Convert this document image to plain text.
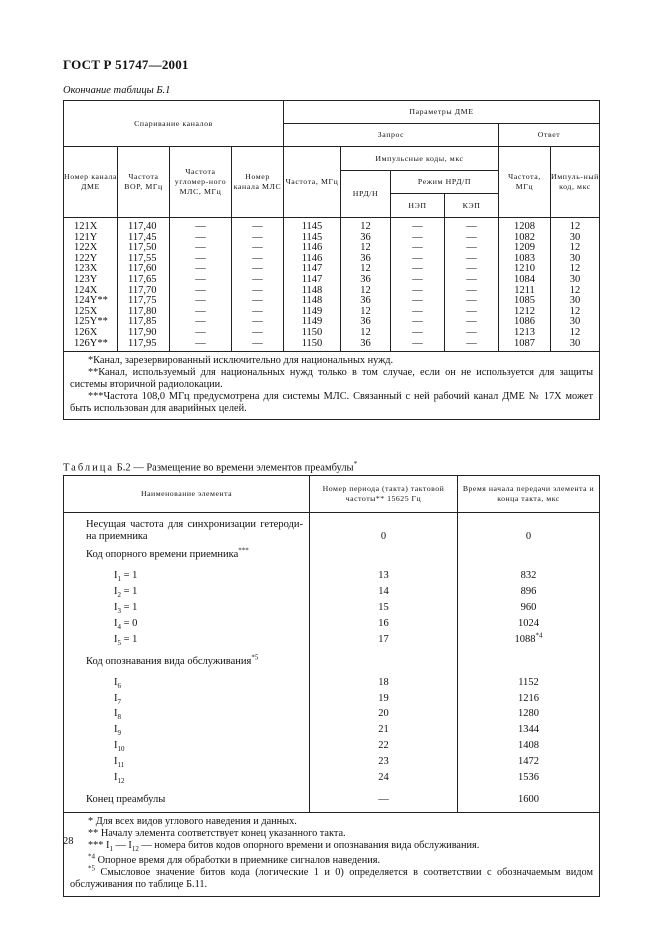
ГОСТ Р 51747—2001
Окончание таблицы Б.1
Спаривание каналов				Параметры ДМЕ					
				Запрос				Ответ	
Номер канала ДМЕ	Частота ВОР, МГц	Частота угломер-ного МЛС, МГц	Номер канала МЛС	Частота, МГц	Импульсные коды, мкс			Частота, МГц	Импуль-ный код, мкс
					НРД/Н	Режим НРД/П
НЭП КЭП			

121X	117,40	—	—	1145	12	—	—	1208	12
121Y	117,45	—	—	1145	36	—	—	1082	30
122X	117,50	—	—	1146	12	—	—	1209	12
122Y	117,55	—	—	1146	36	—	—	1083	30
123X	117,60	—	—	1147	12	—	—	1210	12
123Y	117,65	—	—	1147	36	—	—	1084	30
124X	117,70	—	—	1148	12	—	—	1211	12
124Y**	117,75	—	—	1148	36	—	—	1085	30
125X	117,80	—	—	1149	12	—	—	1212	12
125Y**	117,85	—	—	1149	36	—	—	1086	30
126X	117,90	—	—	1150	12	—	—	1213	12
126Y**	117,95	—	—	1150	36	—	—	1087	30

*Канал, зарезервированный исключительно для национальных нужд.

**Канал, используемый для национальных нужд только в том случае, если он не используется для защиты системы вторичной радиолокации.

***Частота 108,0 МГц предусмотрена для системы МЛС. Связанный с ней рабочий канал ДМЕ № 17Х может быть использован для аварийных целей.									

Таблица Б.2 — Размещение во времени элементов преамбулы*
Наименование элемента	Номер периода (такта) тактовой частоты** 15625 Гц	Время начала передачи элемента и конца такта, мкс

Несущая частота для синхронизации гетероди-на приемника	0	0

Код опорного времени приемника***		

$I_1 = 1$	13	832
$I_2 = 1$	14	896
$I_3 = 1$	15	960
$I_4 = 0$	16	1024
$I_5 = 1$	17	1088$^{*4}$

Код опознавания вида обслуживания$^{*5}$		

$I_6$	18	1152
$I_7$	19	1216
$I_8$	20	1280
$I_9$	21	1344
$I_{10}$	22	1408
$I_{11}$	23	1472
$I_{12}$	24	1536

Конец преамбулы	—	1600

* Для всех видов углового наведения и данных.

** Началу элемента соответствует конец указанного такта.

*** $I_1$ — $I_{12}$ — номера битов кодов опорного времени и опознавания вида обслуживания.

$^{*4}$ Опорное время для обработки в приемнике сигналов наведения.

$^{*5}$ Смысловое значение битов кода (логические 1 и 0) определяется в соответствии с обозначаемым видом обслуживания по таблице Б.11.		

28
